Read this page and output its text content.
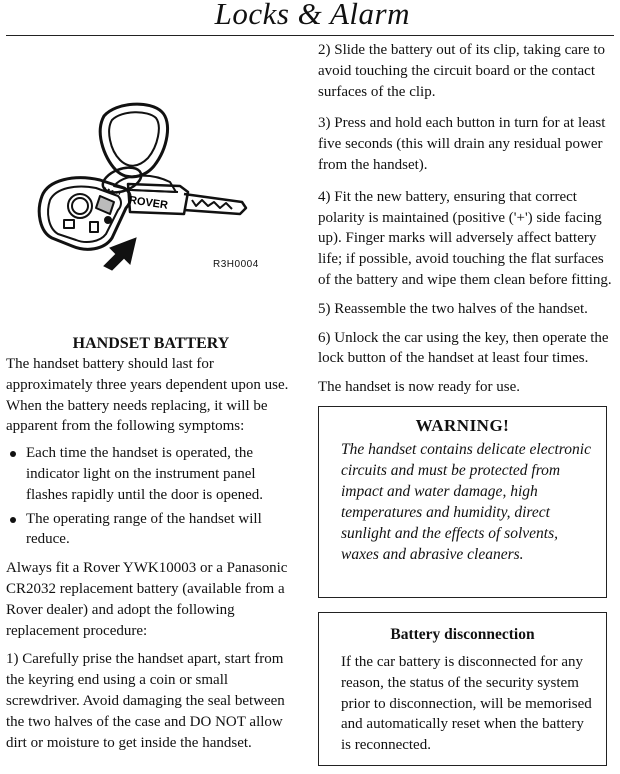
Locks & Alarm
ROVER
R3H0004
HANDSET BATTERY

The handset battery should last for approximately three years dependent upon use. When the battery needs replacing, it will be apparent from the following symptoms:

Each time the handset is operated, the indicator light on the instrument panel flashes rapidly until the door is opened.
The operating range of the handset will reduce.

Always fit a Rover YWK10003 or a Panasonic CR2032 replacement battery (available from a Rover dealer) and adopt the following replacement procedure:

1) Carefully prise the handset apart, start from the keyring end using a coin or small screwdriver. Avoid damaging the seal between the two halves of the case and DO NOT allow dirt or moisture to get inside the handset.

2) Slide the battery out of its clip, taking care to avoid touching the circuit board or the contact surfaces of the clip.

3) Press and hold each button in turn for at least five seconds (this will drain any residual power from the handset).

4) Fit the new battery, ensuring that correct polarity is maintained (positive ('+') side facing up). Finger marks will adversely affect battery life; if possible, avoid touching the flat surfaces of the battery and wipe them clean before fitting.

5) Reassemble the two halves of the handset.

6) Unlock the car using the key, then operate the lock button of the handset at least four times.

The handset is now ready for use.

WARNING!
The handset contains delicate electronic circuits and must be protected from impact and water damage, high temperatures and humidity, direct sunlight and the effects of solvents, waxes and abrasive cleaners.
Battery disconnection
If the car battery is disconnected for any reason, the status of the security system prior to disconnection, will be memorised and automatically reset when the battery is reconnected.
